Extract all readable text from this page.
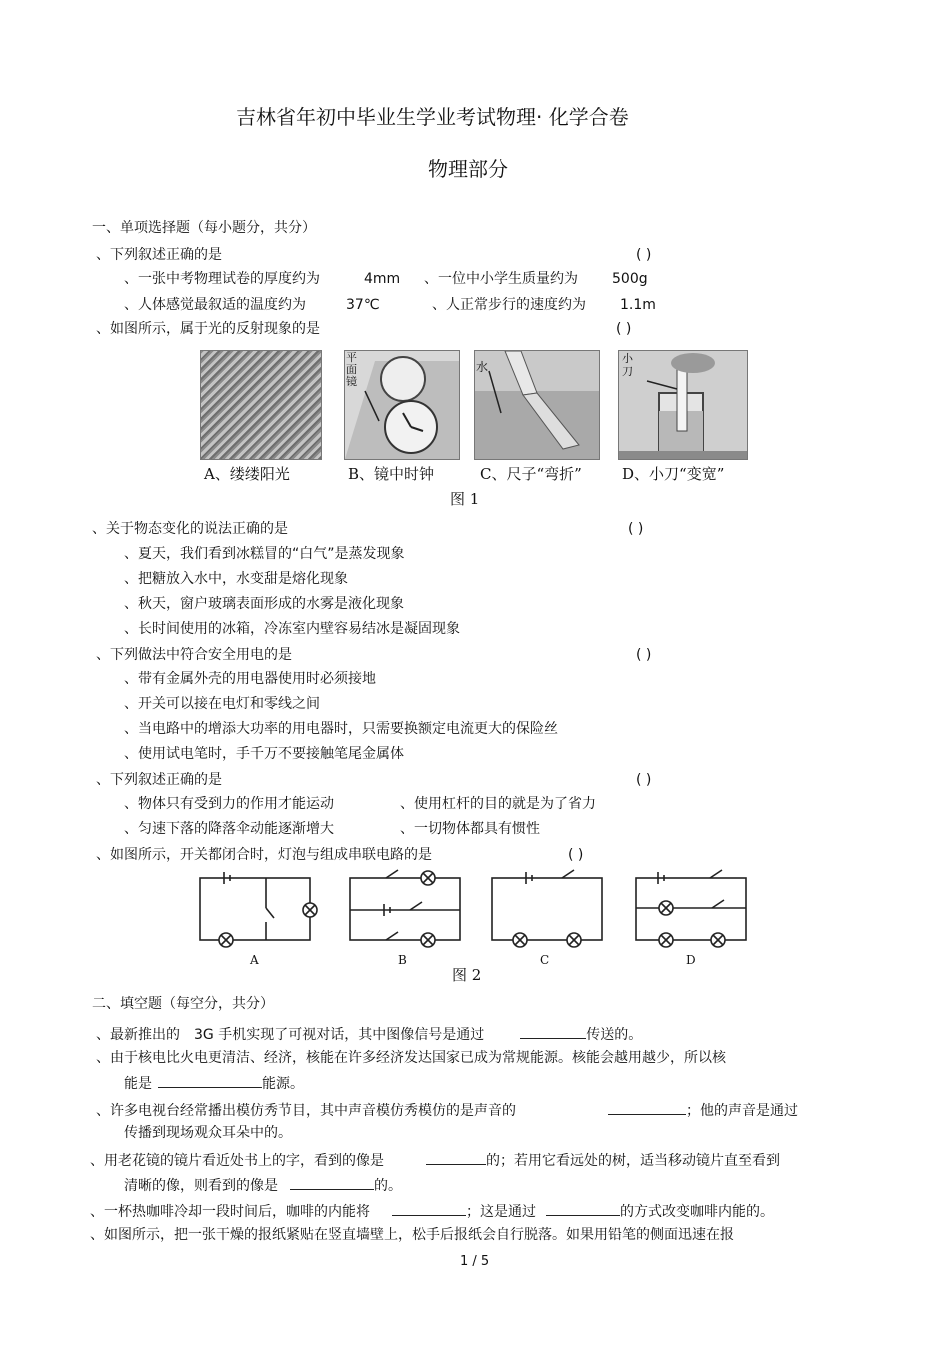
吉林省年初中毕业生学业考试物理· 化学合卷
物理部分
一、单项选择题（每小题分，共分）
、下列叙述正确的是	( )
、一张中考物理试卷的厚度约为	4mm 、一位中小学生质量约为 500g
、人体感觉最叙适的温度约为	37℃	、人正常步行的速度约为 1.1m
、如图所示，属于光的反射现象的是	( )
平面镜
水
小刀
A、缕缕阳光	B、镜中时钟	C、尺子“弯折”	D、小刀“变宽”
图 1
、关于物态变化的说法正确的是	( )
、夏天，我们看到冰糕冒的“白气”是蒸发现象
、把糖放入水中，水变甜是熔化现象
、秋天，窗户玻璃表面形成的水雾是液化现象
、长时间使用的冰箱，冷冻室内壁容易结冰是凝固现象
、下列做法中符合安全用电的是	( )
、带有金属外壳的用电器使用时必须接地
、开关可以接在电灯和零线之间
、当电路中的增添大功率的用电器时，只需要换额定电流更大的保险丝
、使用试电笔时，手千万不要接触笔尾金属体
、下列叙述正确的是	( )
、物体只有受到力的作用才能运动	、使用杠杆的目的就是为了省力
、匀速下落的降落伞动能逐渐增大	、一切物体都具有惯性
、如图所示，开关都闭合时，灯泡与组成串联电路的是	( )
A	B	C	D
图 2
二、填空题（每空分，共分）
、最新推出的 3G 手机实现了可视对话，其中图像信号是通过	传送的。
、由于核电比火电更清洁、经济，核能在许多经济发达国家已成为常规能源。核能会越用越少，所以核
能是	能源。
、许多电视台经常播出模仿秀节目，其中声音模仿秀模仿的是声音的	；他的声音是通过
传播到现场观众耳朵中的。
、用老花镜的镜片看近处书上的字，看到的像是	的；若用它看远处的树，适当移动镜片直至看到
清晰的像，则看到的像是	的。
、一杯热咖啡冷却一段时间后，咖啡的内能将	；这是通过	的方式改变咖啡内能的。
、如图所示，把一张干燥的报纸紧贴在竖直墙壁上，松手后报纸会自行脱落。如果用铅笔的侧面迅速在报
1 / 5
